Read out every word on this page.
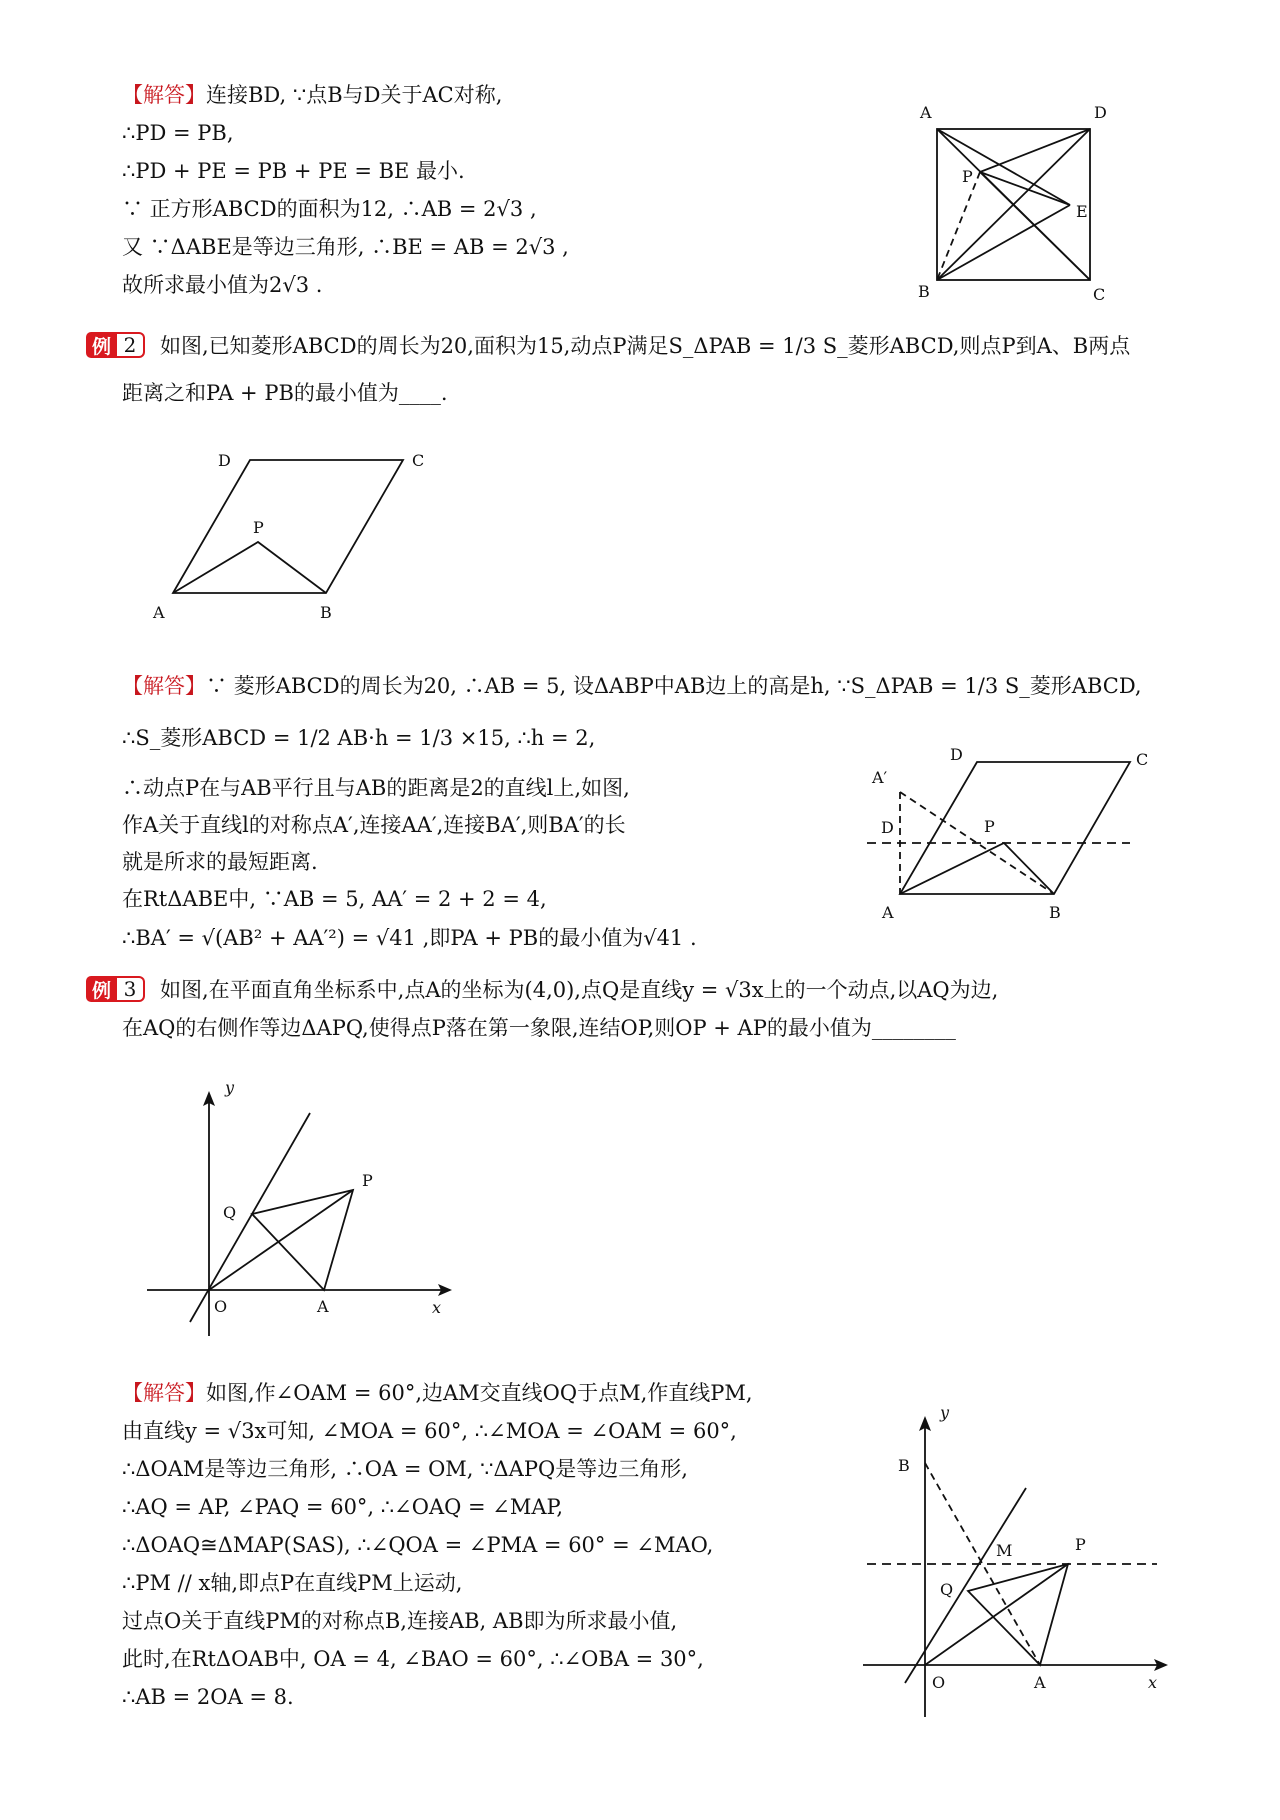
【解答】连接BD, ∵点B与D关于AC对称,
∴PD = PB,
∴PD + PE = PB + PE = BE 最小.
∵ 正方形ABCD的面积为12, ∴AB = 2√3 ,
又 ∵ΔABE是等边三角形, ∴BE = AB = 2√3 ,
故所求最小值为2√3 .
例 2	如图,已知菱形ABCD的周长为20,面积为15,动点P满足S_ΔPAB = 1/3 S_菱形ABCD,则点P到A、B两点
距离之和PA + PB的最小值为____.
【解答】∵ 菱形ABCD的周长为20, ∴AB = 5, 设ΔABP中AB边上的高是h, ∵S_ΔPAB = 1/3 S_菱形ABCD,
∴S_菱形ABCD = 1/2 AB·h = 1/3 ×15, ∴h = 2,
∴动点P在与AB平行且与AB的距离是2的直线l上,如图,
作A关于直线l的对称点A′,连接AA′,连接BA′,则BA′的长
就是所求的最短距离.
在RtΔABE中, ∵AB = 5, AA′ = 2 + 2 = 4,
∴BA′ = √(AB² + AA′²) = √41 ,即PA + PB的最小值为√41 .
例 3	如图,在平面直角坐标系中,点A的坐标为(4,0),点Q是直线y = √3x上的一个动点,以AQ为边,
在AQ的右侧作等边ΔAPQ,使得点P落在第一象限,连结OP,则OP + AP的最小值为________
【解答】如图,作∠OAM = 60°,边AM交直线OQ于点M,作直线PM,
由直线y = √3x可知, ∠MOA = 60°, ∴∠MOA = ∠OAM = 60°,
∴ΔOAM是等边三角形, ∴OA = OM, ∵ΔAPQ是等边三角形,
∴AQ = AP, ∠PAQ = 60°, ∴∠OAQ = ∠MAP,
∴ΔOAQ≅ΔMAP(SAS), ∴∠QOA = ∠PMA = 60° = ∠MAO,
∴PM // x轴,即点P在直线PM上运动,
过点O关于直线PM的对称点B,连接AB, AB即为所求最小值,
此时,在RtΔOAB中, OA = 4, ∠BAO = 60°, ∴∠OBA = 30°,
∴AB = 2OA = 8.
A	D
P
E
B	C
D	C
P
A	B
D	C
A′
D	P
A	B
y
P
Q
O	A	x
y
B
M	P
Q
O	A	x
